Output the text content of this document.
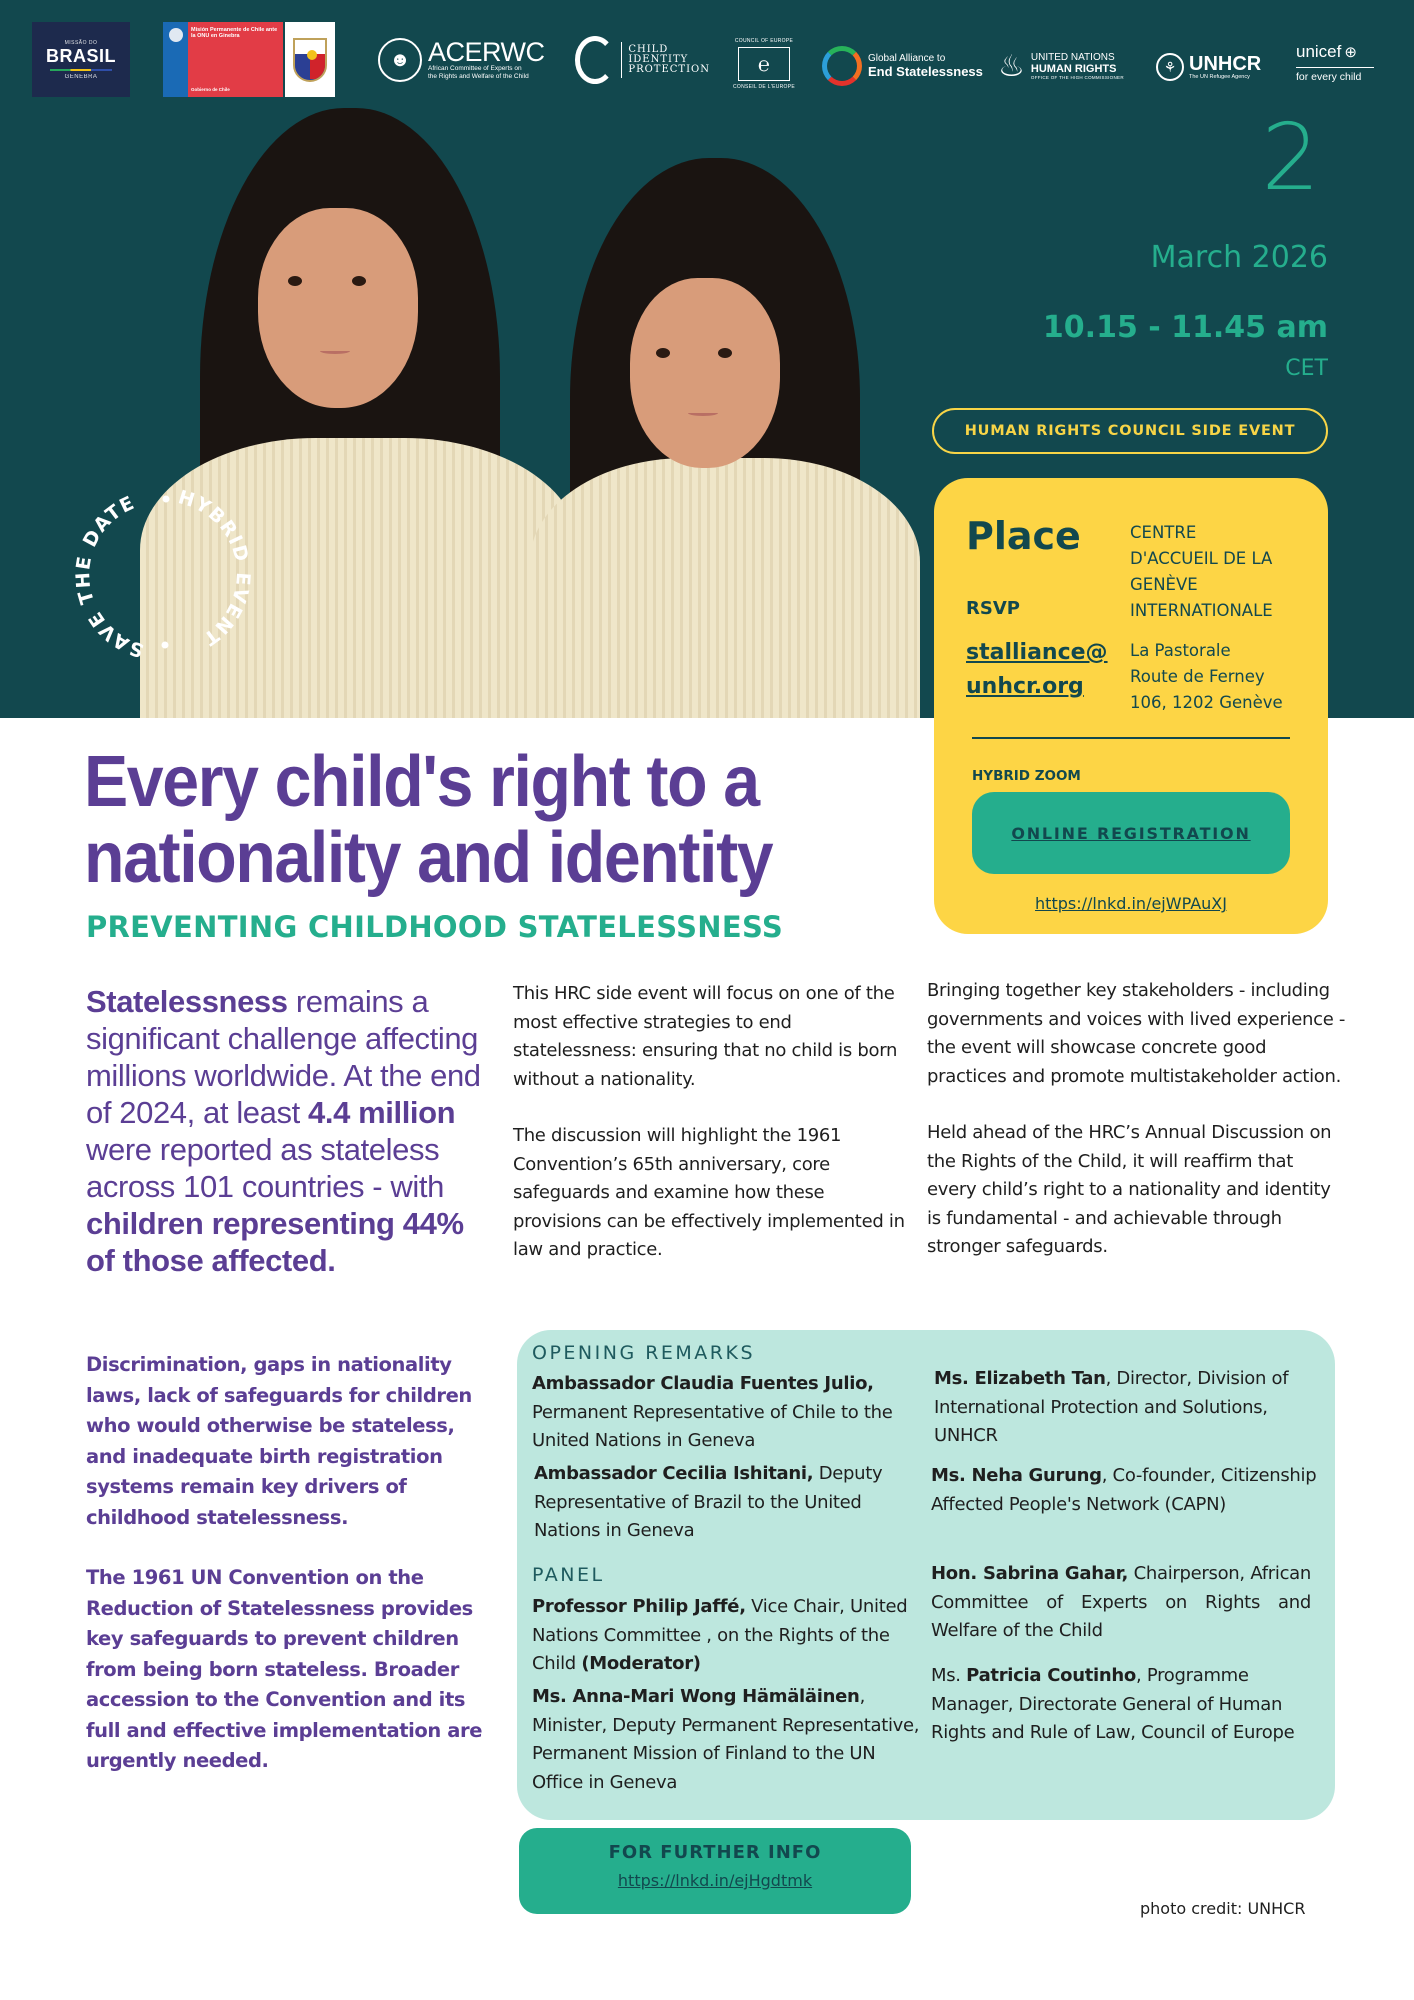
MISSÃO DO
BRASIL
GENEBRA
Misión Permanente de Chile ante la ONU en Ginebra
Gobierno de Chile
☻ ACERWC
African Committee of Experts on
the Rights and Welfare of the Child
CHILD
IDENTITY
PROTECTION
COUNCIL OF EUROPE
℮
CONSEIL DE L'EUROPE
Global Alliance to
End Statelessness ♨ UNITED NATIONS
HUMAN RIGHTS
OFFICE OF THE HIGH COMMISSIONER
⚘ UNHCR
The UN Refugee Agency
unicef ⊕
for every child
SAVE THE DATE	HYBRID EVENT
2
March 2026
10.15 - 11.45 am
CET
HUMAN RIGHTS COUNCIL SIDE EVENT
Place	CENTRE
D'ACCUEIL DE LA
GENÈVE
INTERNATIONALE
RSVP
stalliance@
unhcr.org
La Pastorale
Route de Ferney
106, 1202 Genève
HYBRID ZOOM
ONLINE REGISTRATION
https://lnkd.in/ejWPAuXJ
Every child's right to a
nationality and identity
PREVENTING CHILDHOOD STATELESSNESS
Statelessness remains a significant challenge affecting millions worldwide. At the end of 2024, at least 4.4 million were reported as stateless across 101 countries - with children representing 44% of those affected.

Discrimination, gaps in nationality laws, lack of safeguards for children who would otherwise be stateless, and inadequate birth registration systems remain key drivers of childhood statelessness.

The 1961 UN Convention on the Reduction of Statelessness provides key safeguards to prevent children from being born stateless. Broader accession to the Convention and its full and effective implementation are urgently needed.

This HRC side event will focus on one of the most effective strategies to end statelessness: ensuring that no child is born without a nationality.

The discussion will highlight the 1961 Convention’s 65th anniversary, core safeguards and examine how these provisions can be effectively implemented in law and practice.

Bringing together key stakeholders - including governments and voices with lived experience - the event will showcase concrete good practices and promote multistakeholder action.

Held ahead of the HRC’s Annual Discussion on the Rights of the Child, it will reaffirm that every child’s right to a nationality and identity is fundamental - and achievable through stronger safeguards.

OPENING REMARKS
Ambassador Claudia Fuentes Julio, Permanent Representative of Chile to the United Nations in Geneva
Ambassador Cecilia Ishitani, Deputy Representative of Brazil to the United Nations in Geneva
PANEL
Professor Philip Jaffé, Vice Chair, United Nations Committee , on the Rights of the Child (Moderator)
Ms. Anna-Mari Wong Hämäläinen, Minister, Deputy Permanent Representative, Permanent Mission of Finland to the UN Office in Geneva
Ms. Elizabeth Tan, Director, Division of International Protection and Solutions, UNHCR
Ms. Neha Gurung, Co-founder, Citizenship Affected People's Network (CAPN)
Hon. Sabrina Gahar, Chairperson, African Committee of Experts on Rights and Welfare of the Child
Ms. Patricia Coutinho, Programme Manager, Directorate General of Human Rights and Rule of Law, Council of Europe
FOR FURTHER INFO
https://lnkd.in/ejHgdtmk
photo credit: UNHCR
